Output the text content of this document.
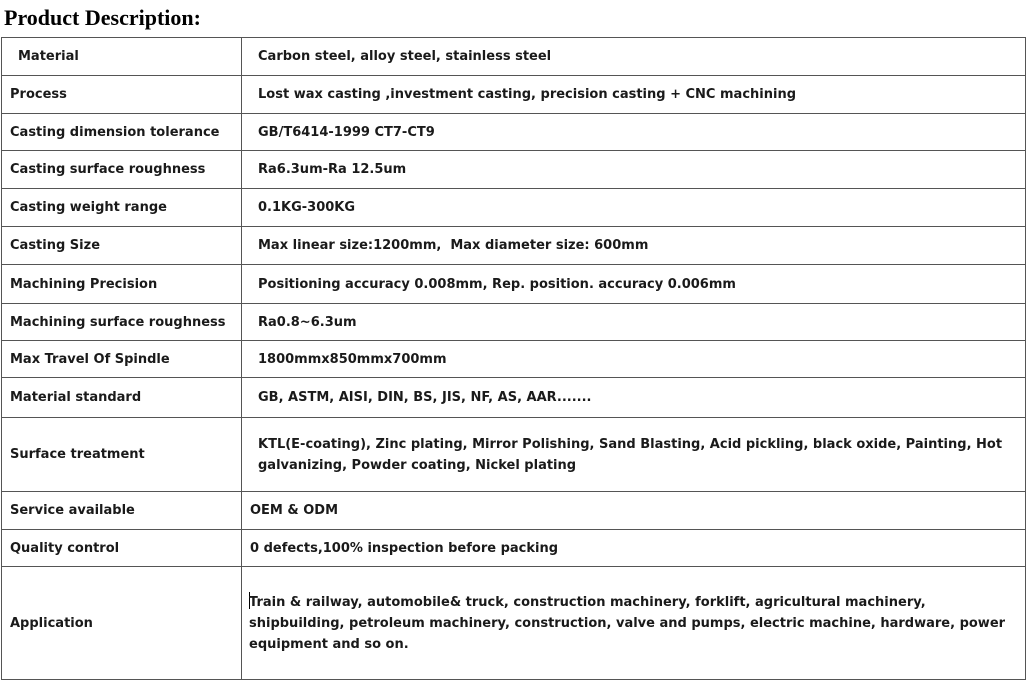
Product Description:
Material	Carbon steel, alloy steel, stainless steel
Process	Lost wax casting ,investment casting, precision casting + CNC machining
Casting dimension tolerance	GB/T6414-1999 CT7-CT9
Casting surface roughness	Ra6.3um-Ra 12.5um
Casting weight range	0.1KG-300KG
Casting Size	Max linear size:1200mm,  Max diameter size: 600mm
Machining Precision	Positioning accuracy 0.008mm, Rep. position. accuracy 0.006mm
Machining surface roughness	Ra0.8~6.3um
Max Travel Of Spindle	1800mmx850mmx700mm
Material standard	GB, ASTM, AISI, DIN, BS, JIS, NF, AS, AAR.......
Surface treatment	KTL(E-coating), Zinc plating, Mirror Polishing, Sand Blasting, Acid pickling, black oxide, Painting, Hot galvanizing, Powder coating, Nickel plating
Service available	OEM & ODM
Quality control	0 defects,100% inspection before packing
Application	Train & railway, automobile& truck, construction machinery, forklift, agricultural machinery, shipbuilding, petroleum machinery, construction, valve and pumps, electric machine, hardware, power equipment and so on.
